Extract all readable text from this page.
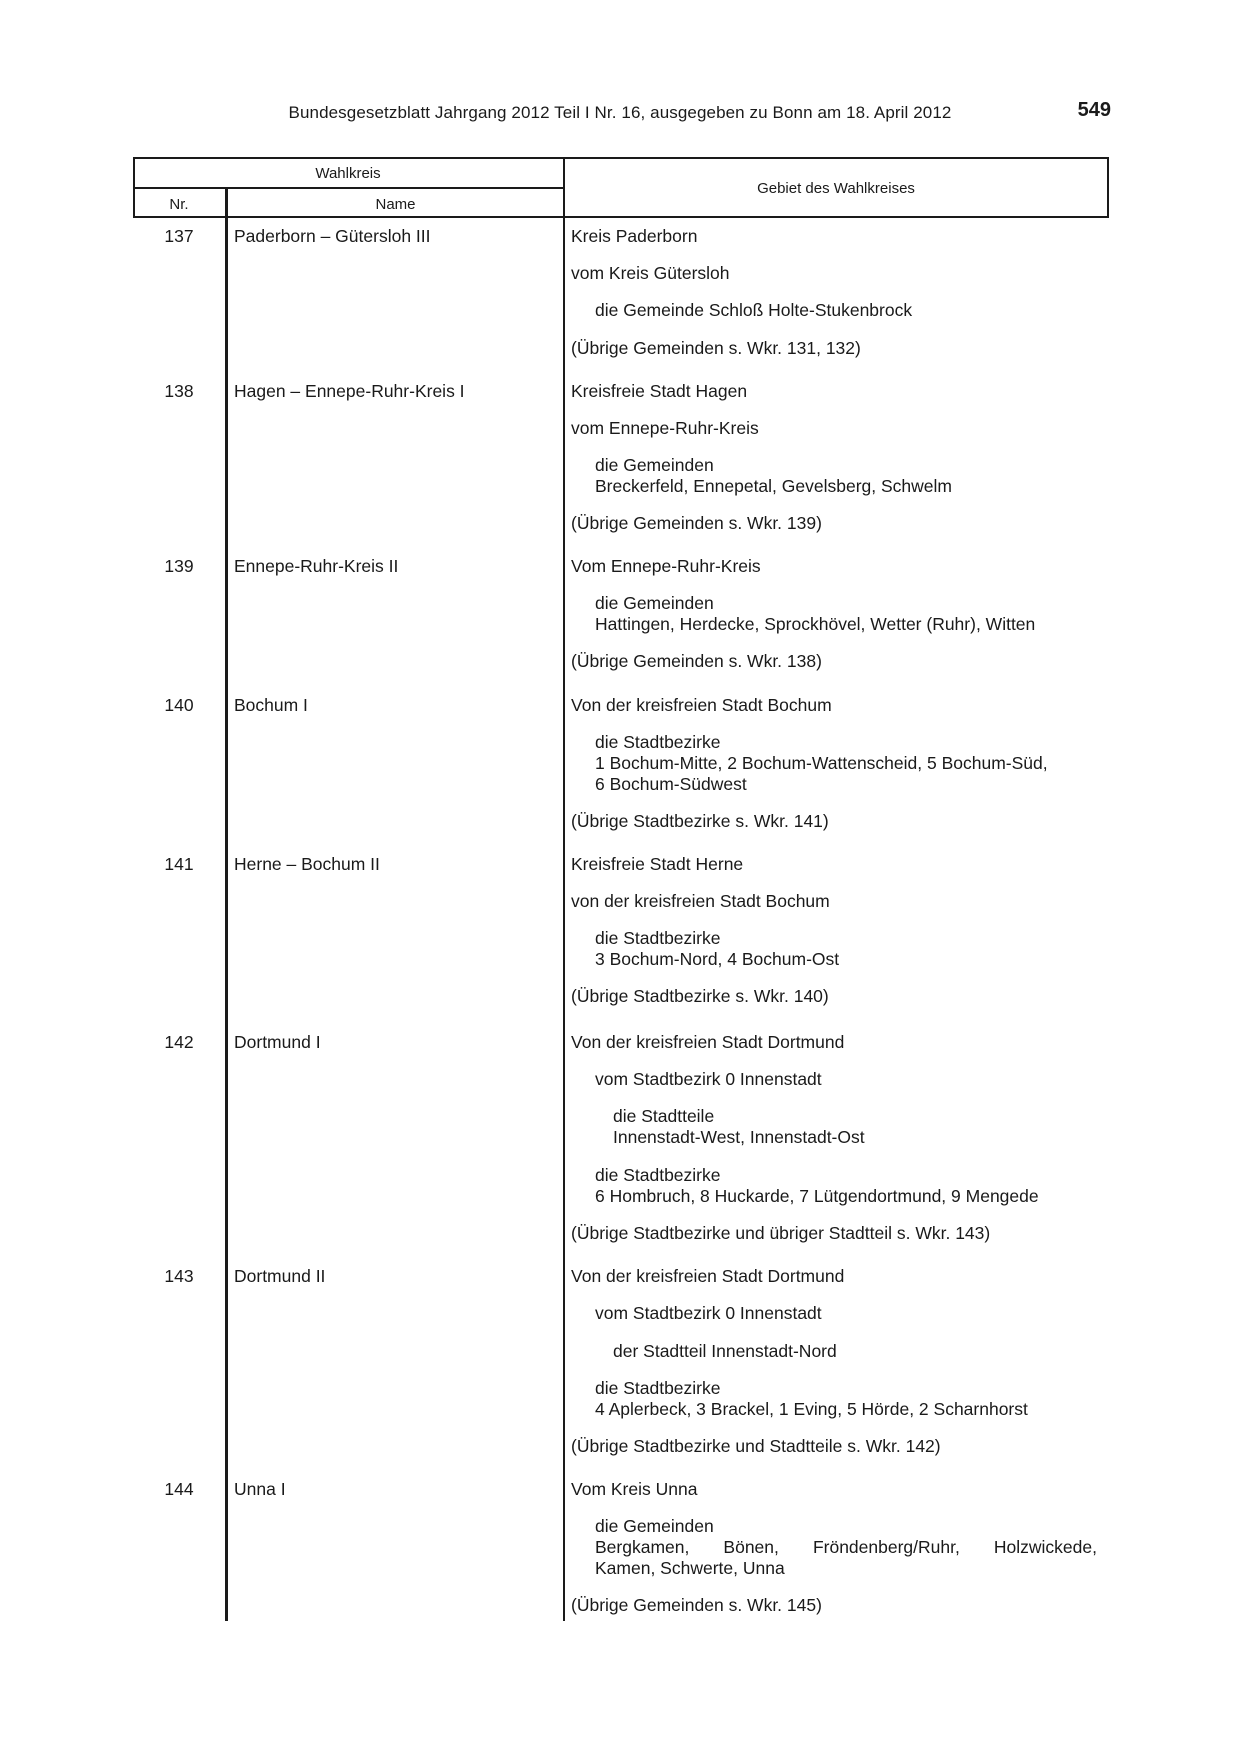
Bundesgesetzblatt Jahrgang 2012 Teil I Nr. 16, ausgegeben zu Bonn am 18. April 2012	549
Wahlkreis
Nr.	Name
Gebiet des Wahlkreises
137	Paderborn – Gütersloh III	Kreis Paderborn
vom Kreis Gütersloh
die Gemeinde Schloß Holte-Stukenbrock
(Übrige Gemeinden s. Wkr. 131, 132)
138	Hagen – Ennepe-Ruhr-Kreis I	Kreisfreie Stadt Hagen
vom Ennepe-Ruhr-Kreis
die Gemeinden
Breckerfeld, Ennepetal, Gevelsberg, Schwelm
(Übrige Gemeinden s. Wkr. 139)
139	Ennepe-Ruhr-Kreis II	Vom Ennepe-Ruhr-Kreis
die Gemeinden
Hattingen, Herdecke, Sprockhövel, Wetter (Ruhr), Witten
(Übrige Gemeinden s. Wkr. 138)
140	Bochum I	Von der kreisfreien Stadt Bochum
die Stadtbezirke
1 Bochum-Mitte, 2 Bochum-Wattenscheid, 5 Bochum-Süd,
6 Bochum-Südwest
(Übrige Stadtbezirke s. Wkr. 141)
141	Herne – Bochum II	Kreisfreie Stadt Herne
von der kreisfreien Stadt Bochum
die Stadtbezirke
3 Bochum-Nord, 4 Bochum-Ost
(Übrige Stadtbezirke s. Wkr. 140)
142	Dortmund I	Von der kreisfreien Stadt Dortmund
vom Stadtbezirk 0 Innenstadt
die Stadtteile
Innenstadt-West, Innenstadt-Ost
die Stadtbezirke
6 Hombruch, 8 Huckarde, 7 Lütgendortmund, 9 Mengede
(Übrige Stadtbezirke und übriger Stadtteil s. Wkr. 143)
143	Dortmund II	Von der kreisfreien Stadt Dortmund
vom Stadtbezirk 0 Innenstadt
der Stadtteil Innenstadt-Nord
die Stadtbezirke
4 Aplerbeck, 3 Brackel, 1 Eving, 5 Hörde, 2 Scharnhorst
(Übrige Stadtbezirke und Stadtteile s. Wkr. 142)
144	Unna I	Vom Kreis Unna
die Gemeinden
Bergkamen, Bönen, Fröndenberg/Ruhr, Holzwickede,
Kamen, Schwerte, Unna
(Übrige Gemeinden s. Wkr. 145)
